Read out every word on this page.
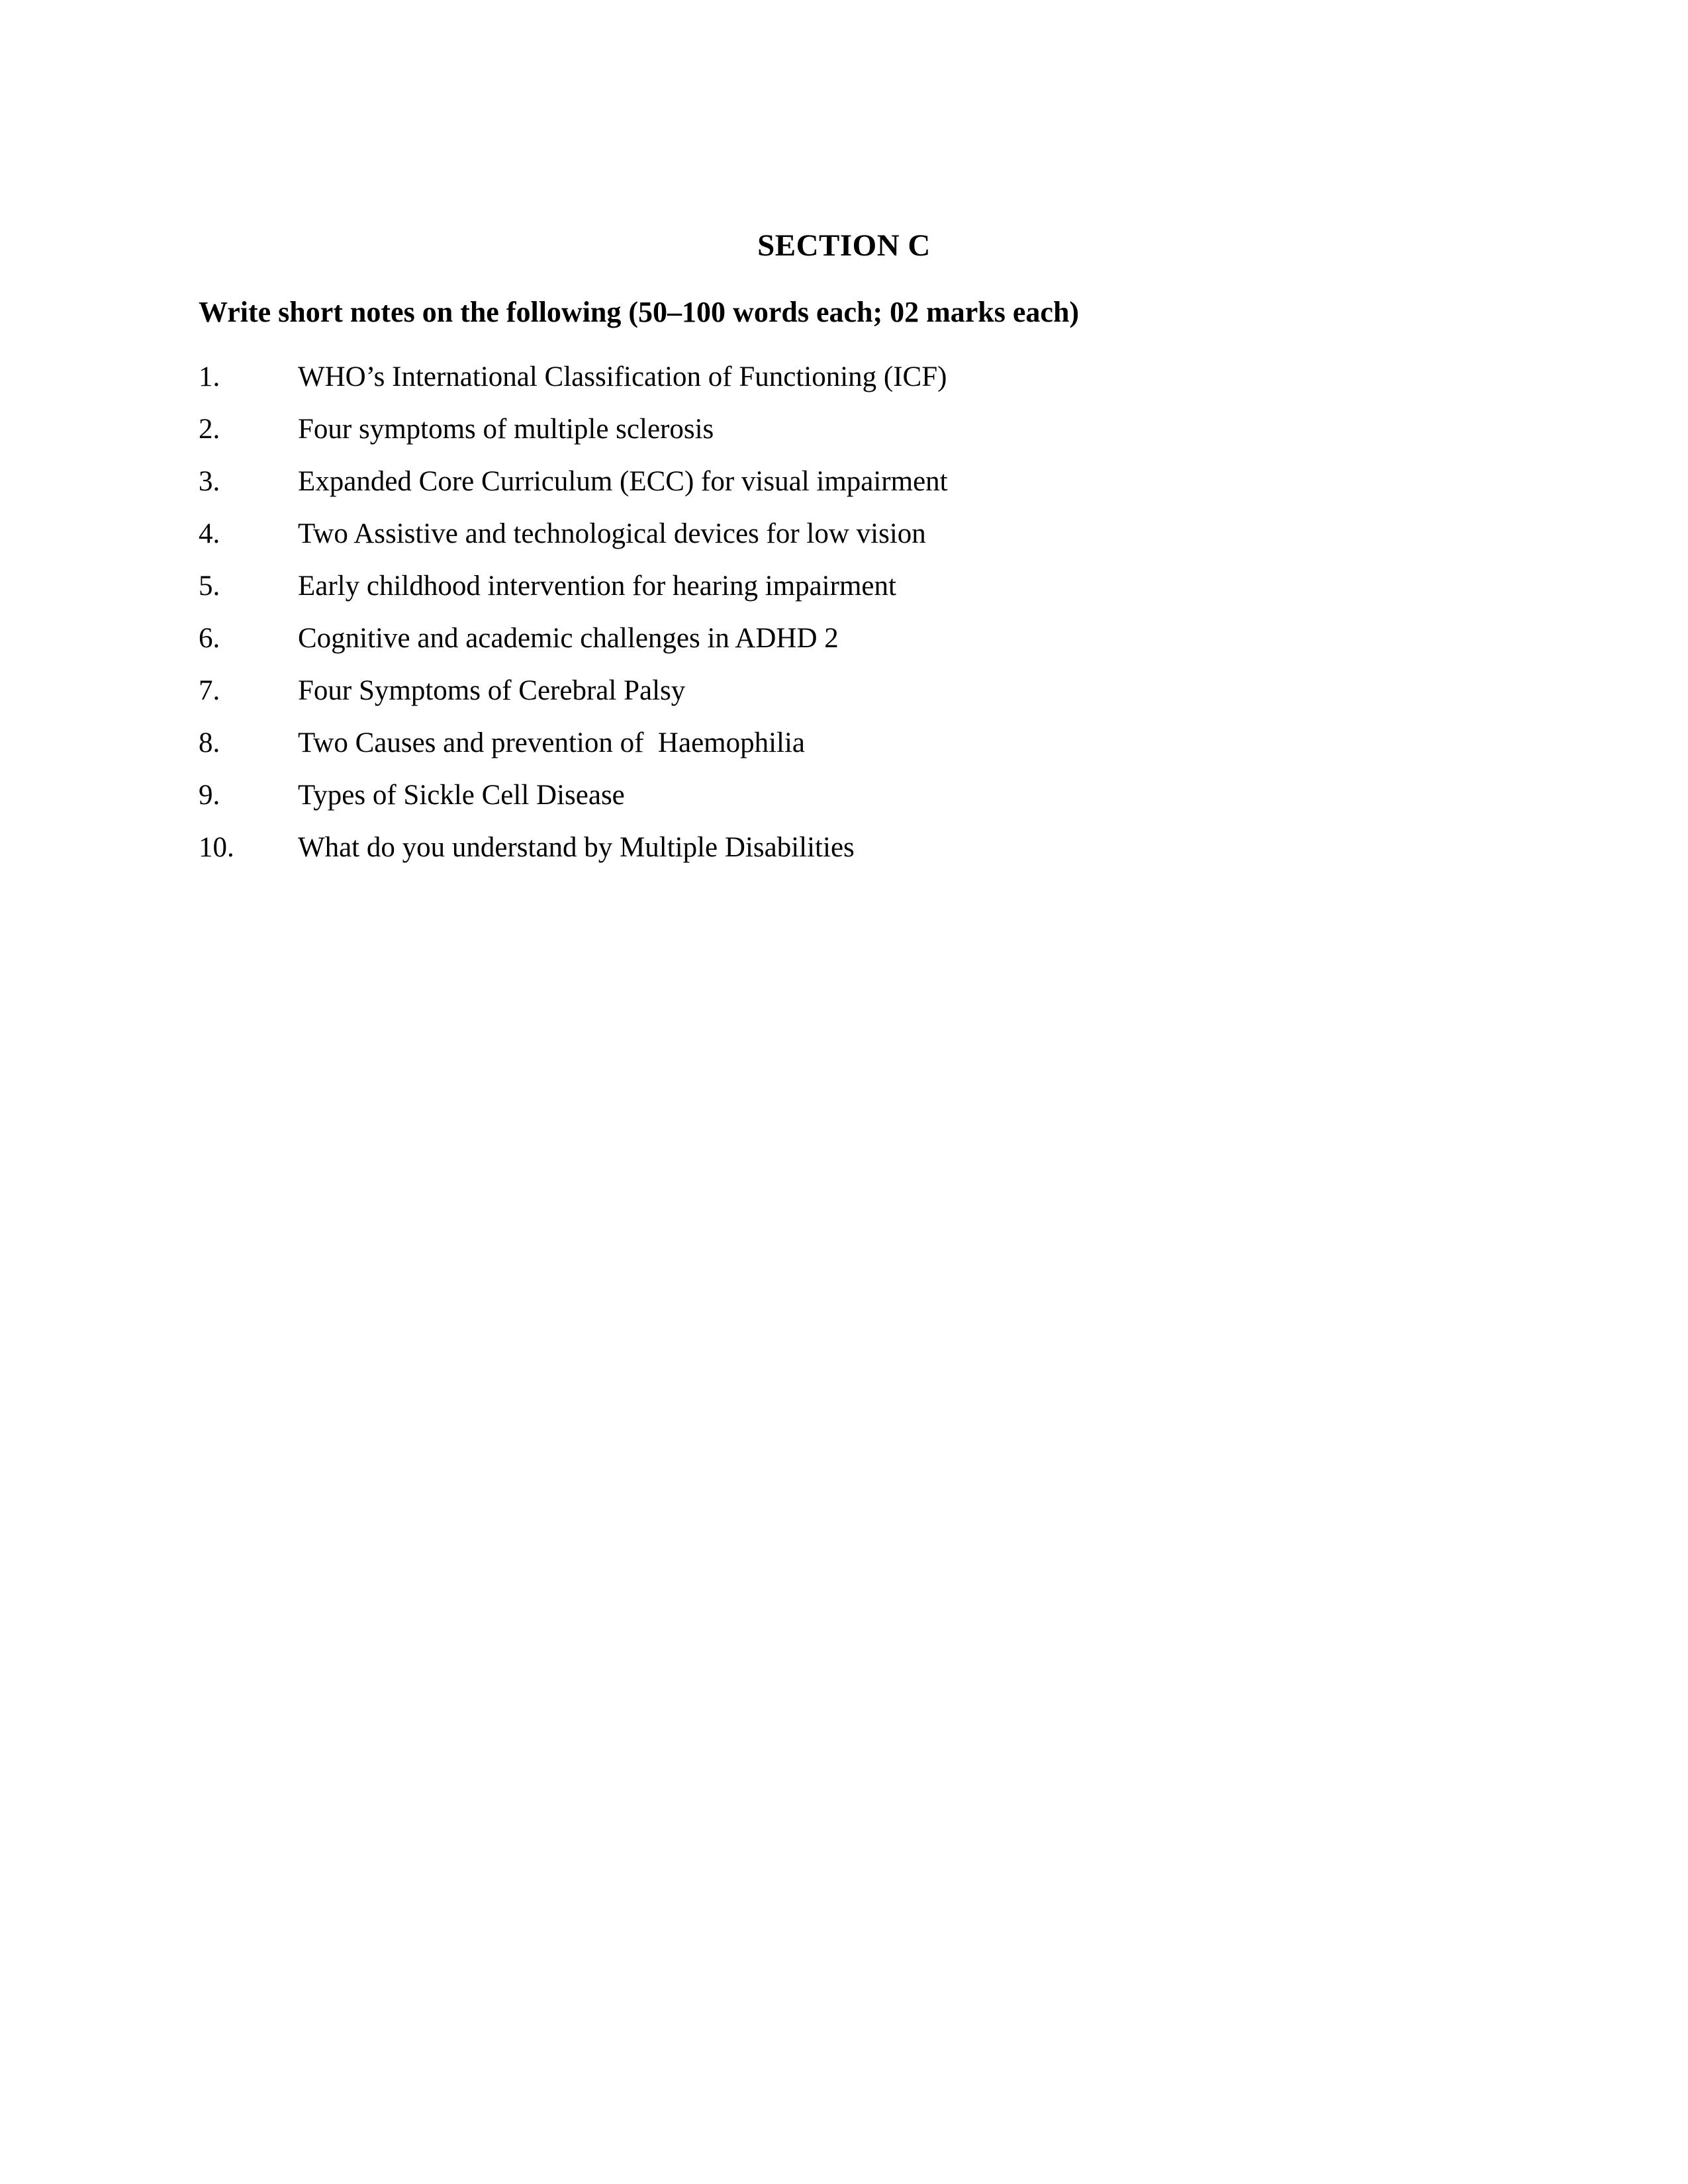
SECTION C

Write short notes on the following (50–100 words each; 02 marks each)

1.	WHO’s International Classification of Functioning (ICF)
2.	Four symptoms of multiple sclerosis
3.	Expanded Core Curriculum (ECC) for visual impairment
4.	Two Assistive and technological devices for low vision
5.	Early childhood intervention for hearing impairment
6.	Cognitive and academic challenges in ADHD 2
7.	Four Symptoms of Cerebral Palsy
8.	Two Causes and prevention of  Haemophilia
9.	Types of Sickle Cell Disease
10.	What do you understand by Multiple Disabilities
